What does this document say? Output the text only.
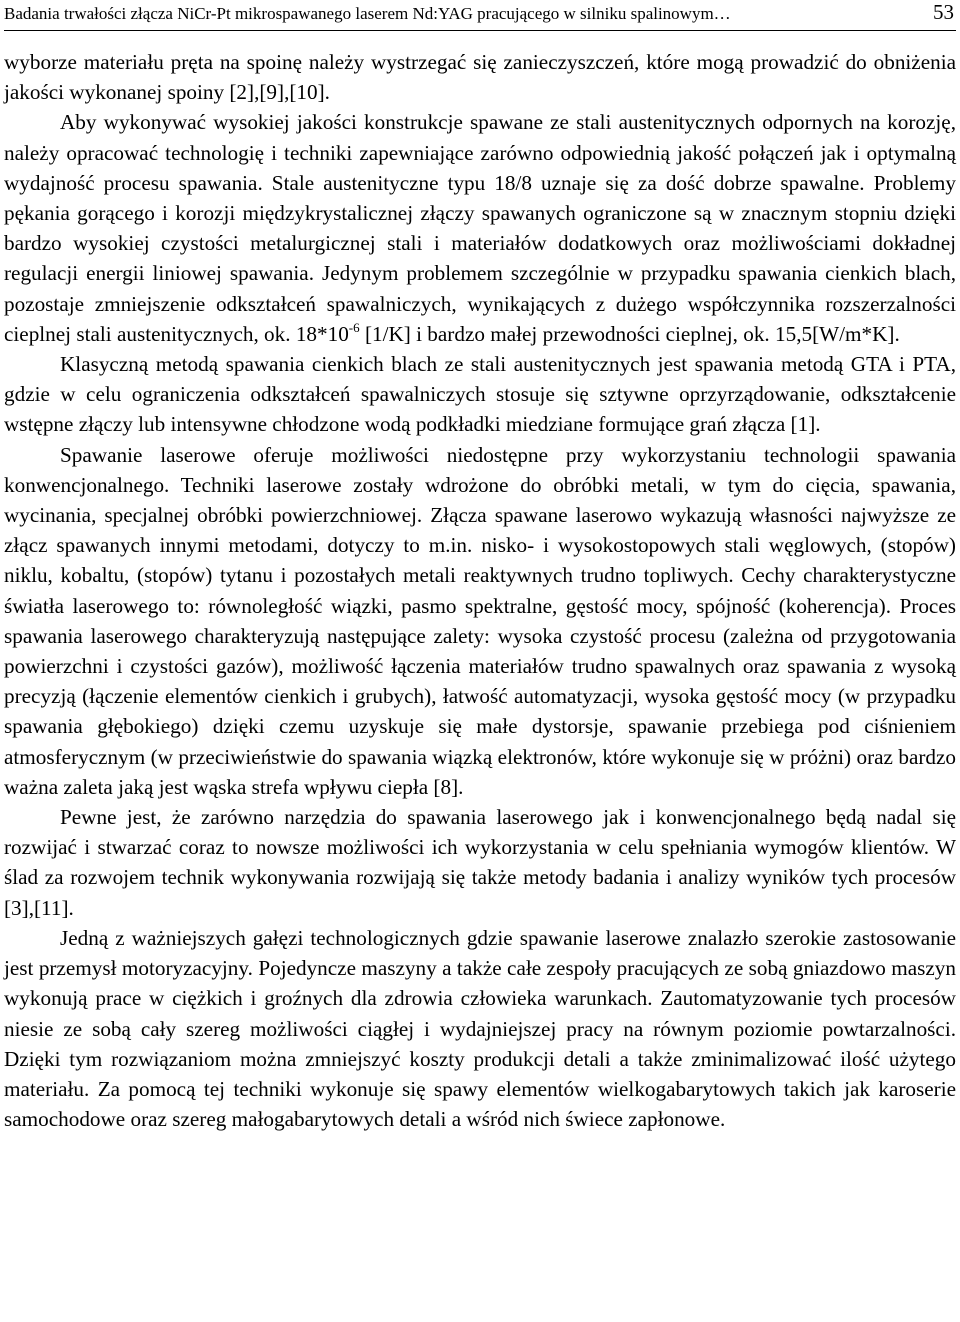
Badania trwałości złącza NiCr-Pt mikrospawanego laserem Nd:YAG pracującego w silniku spalinowym…	53

wyborze materiału pręta na spoinę należy wystrzegać się zanieczyszczeń, które mogą prowadzić do obniżenia jakości wykonanej spoiny [2],[9],[10].

Aby wykonywać wysokiej jakości konstrukcje spawane ze stali austenitycznych odpornych na korozję, należy opracować technologię i techniki zapewniające zarówno odpowiednią jakość połączeń jak i optymalną wydajność procesu spawania. Stale austenityczne typu 18/8 uznaje się za dość dobrze spawalne. Problemy pękania gorącego i korozji międzykrystalicznej złączy spawanych ograniczone są w znacznym stopniu dzięki bardzo wysokiej czystości metalurgicznej stali i materiałów dodatkowych oraz możliwościami dokładnej regulacji energii liniowej spawania. Jedynym problemem szczególnie w przypadku spawania cienkich blach, pozostaje zmniejszenie odkształceń spawalniczych, wynikających z dużego współczynnika rozszerzalności cieplnej stali austenitycznych, ok. $18*10^{-6}$ [1/K] i bardzo małej przewodności cieplnej, ok. 15,5[W/m*K].

Klasyczną metodą spawania cienkich blach ze stali austenitycznych jest spawania metodą GTA i PTA, gdzie w celu ograniczenia odkształceń spawalniczych stosuje się sztywne oprzyrządowanie, odkształcenie wstępne złączy lub intensywne chłodzone wodą podkładki miedziane formujące grań złącza [1].

Spawanie laserowe oferuje możliwości niedostępne przy wykorzystaniu technologii spawania konwencjonalnego. Techniki laserowe zostały wdrożone do obróbki metali, w tym do cięcia, spawania, wycinania, specjalnej obróbki powierzchniowej. Złącza spawane laserowo wykazują własności najwyższe ze złącz spawanych innymi metodami, dotyczy to m.in. nisko- i wysokostopowych stali węglowych, (stopów) niklu, kobaltu, (stopów) tytanu i pozostałych metali reaktywnych trudno topliwych. Cechy charakterystyczne światła laserowego to: równoległość wiązki, pasmo spektralne, gęstość mocy, spójność (koherencja). Proces spawania laserowego charakteryzują następujące zalety: wysoka czystość procesu (zależna od przygotowania powierzchni i czystości gazów), możliwość łączenia materiałów trudno spawalnych oraz spawania z wysoką precyzją (łączenie elementów cienkich i grubych), łatwość automatyzacji, wysoka gęstość mocy (w przypadku spawania głębokiego) dzięki czemu uzyskuje się małe dystorsje, spawanie przebiega pod ciśnieniem atmosferycznym (w przeciwieństwie do spawania wiązką elektronów, które wykonuje się w próżni) oraz bardzo ważna zaleta jaką jest wąska strefa wpływu ciepła [8].

Pewne jest, że zarówno narzędzia do spawania laserowego jak i konwencjonalnego będą nadal się rozwijać i stwarzać coraz to nowsze możliwości ich wykorzystania w celu spełniania wymogów klientów. W ślad za rozwojem technik wykonywania rozwijają się także metody badania i analizy wyników tych procesów [3],[11].

Jedną z ważniejszych gałęzi technologicznych gdzie spawanie laserowe znalazło szerokie zastosowanie jest przemysł motoryzacyjny. Pojedyncze maszyny a także całe zespoły pracujących ze sobą gniazdowo maszyn wykonują prace w ciężkich i groźnych dla zdrowia człowieka warunkach. Zautomatyzowanie tych procesów niesie ze sobą cały szereg możliwości ciągłej i wydajniejszej pracy na równym poziomie powtarzalności. Dzięki tym rozwiązaniom można zmniejszyć koszty produkcji detali a także zminimalizować ilość użytego materiału. Za pomocą tej techniki wykonuje się spawy elementów wielkogabarytowych takich jak karoserie samochodowe oraz szereg małogabarytowych detali a wśród nich świece zapłonowe.
